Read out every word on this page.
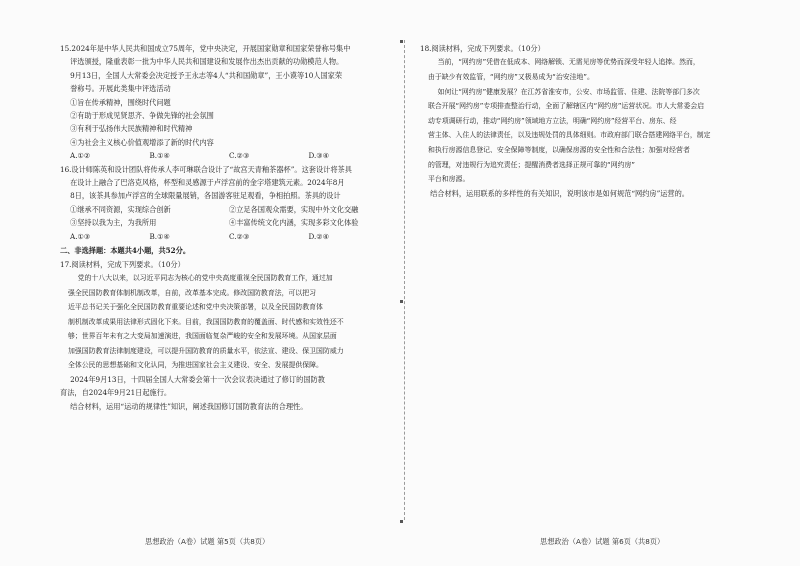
15.2024年是中华人民共和国成立75周年，党中央决定，开展国家勋章和国家荣誉称号集中

评选颁授，隆重表彰一批为中华人民共和国建设和发展作出杰出贡献的功勋模范人物。

9月13日，全国人大常委会决定授予王永志等4人“共和国勋章”，王小谟等10人国家荣

誉称号。开展此类集中评选活动

①旨在传承精神，围绕时代问题

②有助于形成见贤思齐、争做先锋的社会氛围

③有利于弘扬伟大民族精神和时代精神

④为社会主义核心价值观增添了新的时代内容

A.①②	B.①④	C.②③	D.③④

16.设计师陈英和设计团队将传承人李可琳联合设计了“故宫天青釉茶器杯”。这套设计将茶具

在设计上融合了巴洛克风格，杯型和灵感源于卢浮宫前的金字塔建筑元素。2024年8月

8日，该茶具参加卢浮宫的全球限量展销，各国游客驻足观看，争相拍照。茶具的设计

①继承不同资源，实现综合创新	②立足各国观众需要，实现中外文化交融
③坚持以我为主，为我所用	④丰富传统文化内涵，实现多彩文化体验
A.①③	B.①④	C.②③	D.②④

二、非选择题：本题共4小题，共52分。

17.阅读材料，完成下列要求。（10分）

党的十八大以来，以习近平同志为核心的党中央高度重视全民国防教育工作，通过加

强全民国防教育体制机制改革，自前，改革基本完成。修改国防教育法，可以把习

近平总书记关于强化全民国防教育重要论述和党中央决策部署，以及全民国防教育体

制机制改革成果用法律形式固化下来。目前，我国国防教育的覆盖面、时代感和实效性还不

够；世界百年未有之大变局加速演进，我国面临复杂严峻的安全和发展环境。从国家层面

加强国防教育法律制度建设，可以提升国防教育的质量水平，依法宣、建设、保卫国防威力

全体公民的思想基础和文化认同，为推进国家社会主义建设、安全、发展提供保障。

2024年9月13日，十四届全国人大常委会第十一次会议表决通过了修订的国防教

育法，自2024年9月21日起施行。

结合材料，运用“运动的规律性”知识，阐述我国修订国防教育法的合理性。

18.阅读材料，完成下列要求。（10分）

当前，“网约房”凭借在低成本、网络解锁、无需见房等优势而深受年轻人追捧。然而，

由于缺少有效监管，“网约房”又极易成为“治安洼地”。

如何让“网约房”健康发展？在江苏省淮安市，公安、市场监管、住建、法院等部门多次

联合开展“网约房”专项排查整治行动，全面了解辖区内“网约房”运营状况。市人大常委会启

动专项调研行动，推动“网约房”领域地方立法，明确“网约房”经营平台、房东、经

营主体、入住人的法律责任，以及违规处罚的具体细则。市政府部门联合搭建网络平台，制定

和执行房源信息登记、安全保障等制度，以确保房源的安全性和合法性；加强对经营者

的管理，对违规行为追究责任；提醒消费者选择正规可靠的“网约房”

平台和房源。

结合材料，运用联系的多样性的有关知识，说明该市是如何规范“网约房”运营的。

思想政治（A卷）试题 第5页（共8页）	思想政治（A卷）试题 第6页（共8页）
